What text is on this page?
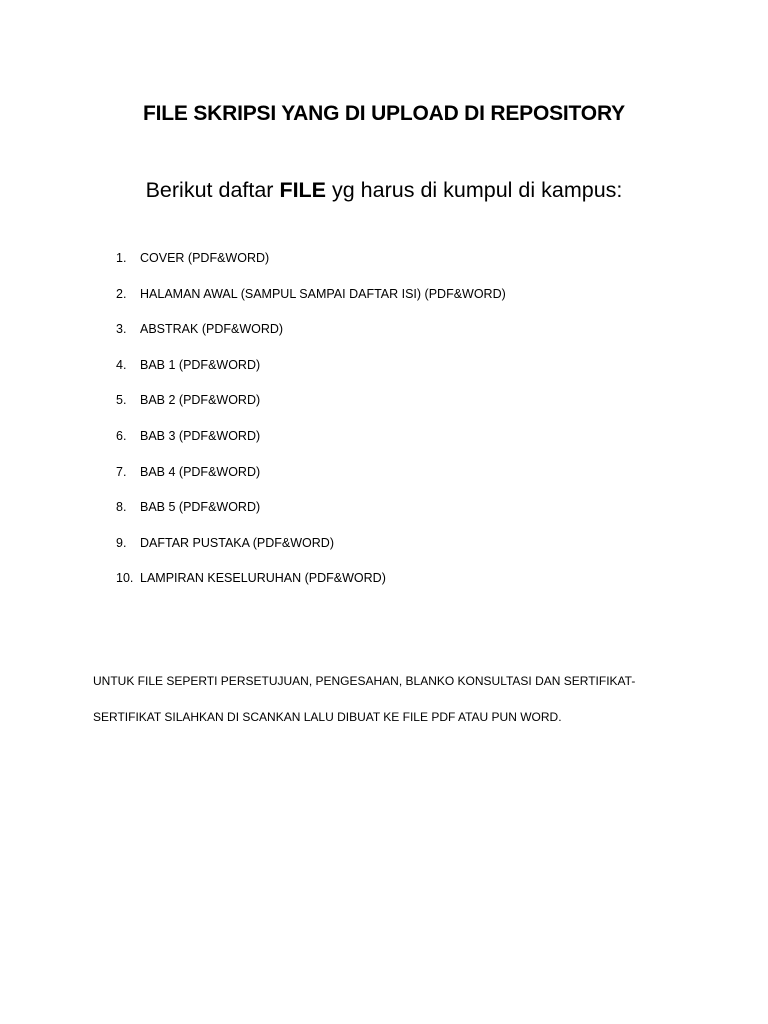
FILE SKRIPSI YANG DI UPLOAD DI REPOSITORY
Berikut daftar FILE yg harus di kumpul di kampus:
1. COVER (PDF&WORD)
2. HALAMAN AWAL (SAMPUL SAMPAI DAFTAR ISI) (PDF&WORD)
3. ABSTRAK (PDF&WORD)
4. BAB 1 (PDF&WORD)
5. BAB 2 (PDF&WORD)
6. BAB 3 (PDF&WORD)
7. BAB 4 (PDF&WORD)
8. BAB 5 (PDF&WORD)
9. DAFTAR PUSTAKA (PDF&WORD)
10. LAMPIRAN KESELURUHAN (PDF&WORD)
UNTUK FILE SEPERTI PERSETUJUAN, PENGESAHAN, BLANKO KONSULTASI DAN SERTIFIKAT-
SERTIFIKAT SILAHKAN DI SCANKAN LALU DIBUAT KE FILE PDF ATAU PUN WORD.
